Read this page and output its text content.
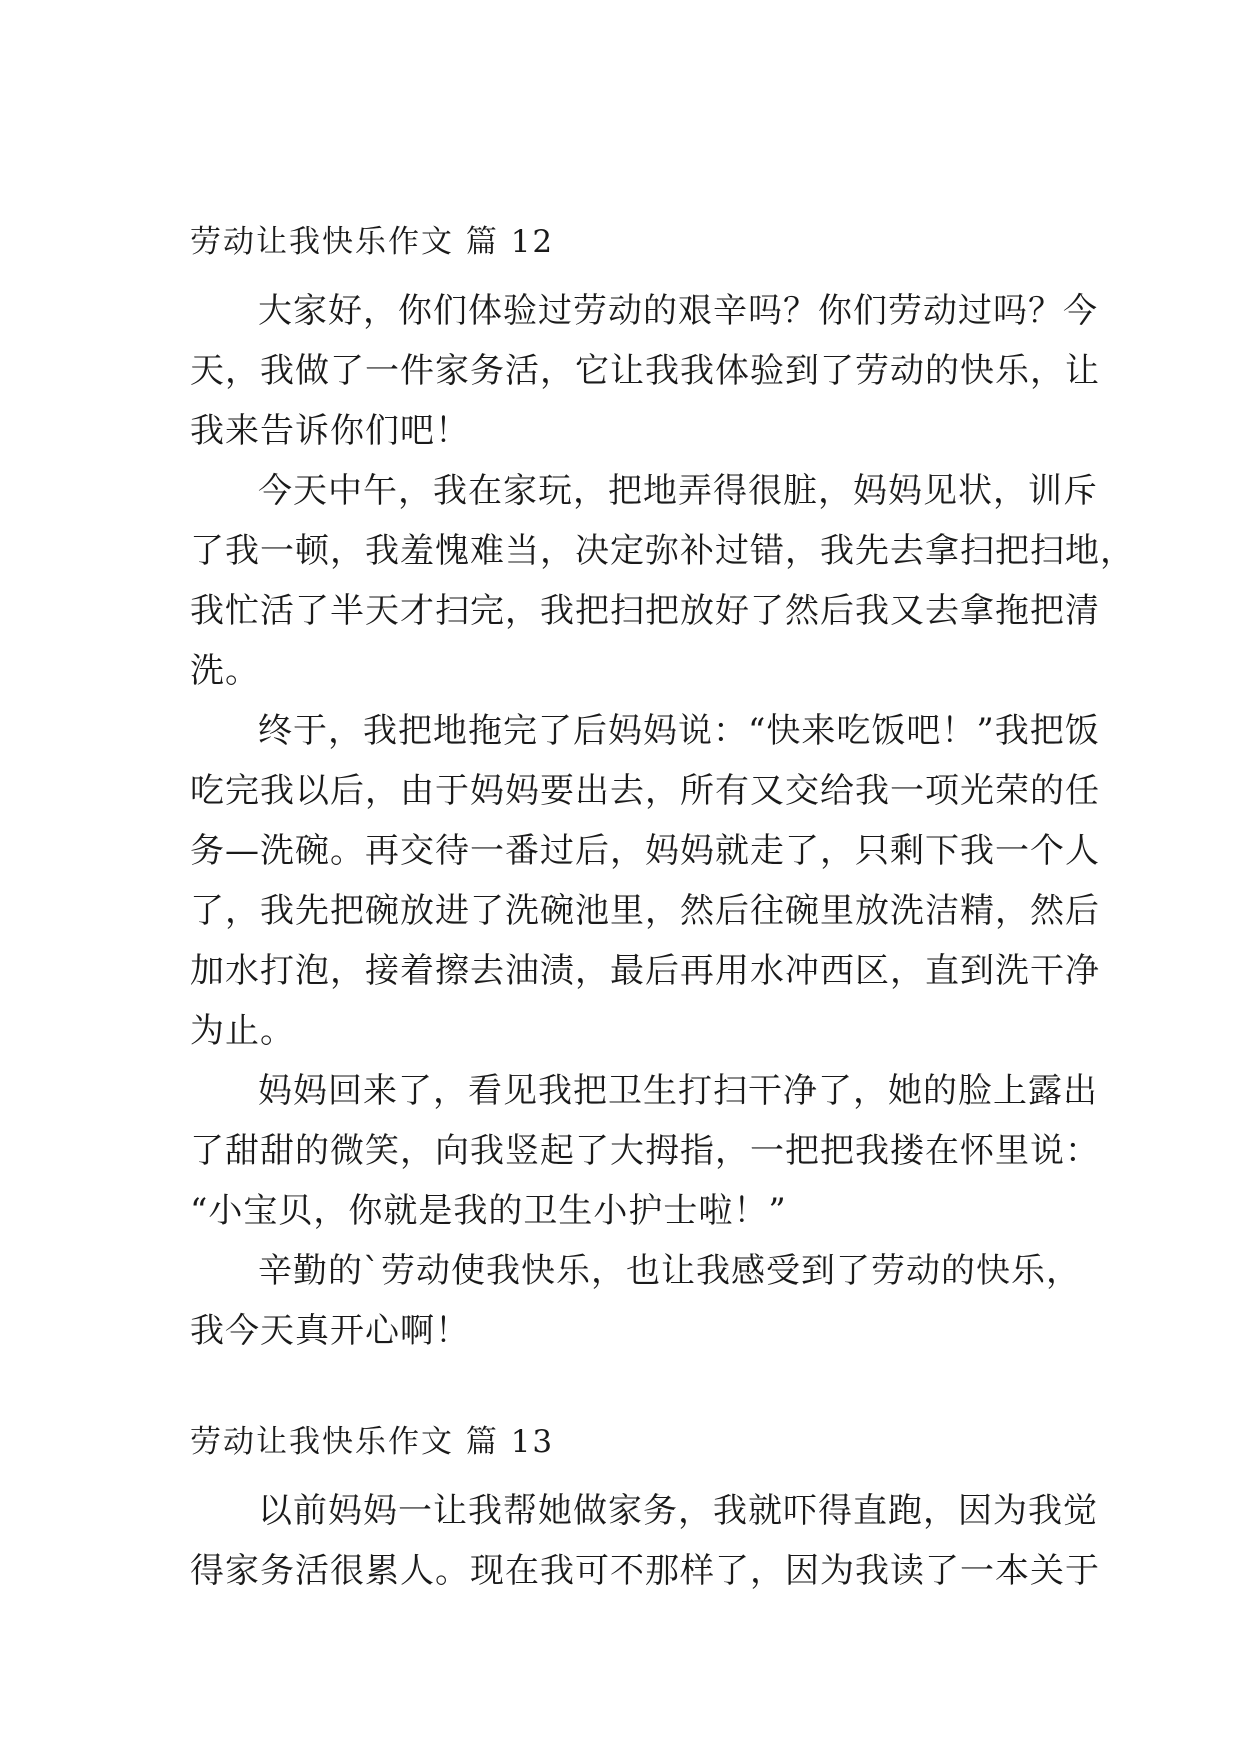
劳动让我快乐作文 篇 12

大家好，你们体验过劳动的艰辛吗？你们劳动过吗？今
天，我做了一件家务活，它让我我体验到了劳动的快乐，让
我来告诉你们吧！

今天中午，我在家玩，把地弄得很脏，妈妈见状，训斥
了我一顿，我羞愧难当，决定弥补过错，我先去拿扫把扫地，
我忙活了半天才扫完，我把扫把放好了然后我又去拿拖把清
洗。

终于，我把地拖完了后妈妈说：“快来吃饭吧！”我把饭
吃完我以后，由于妈妈要出去，所有又交给我一项光荣的任
务—洗碗。再交待一番过后，妈妈就走了，只剩下我一个人
了，我先把碗放进了洗碗池里，然后往碗里放洗洁精，然后
加水打泡，接着擦去油渍，最后再用水冲西区，直到洗干净
为止。

妈妈回来了，看见我把卫生打扫干净了，她的脸上露出
了甜甜的微笑，向我竖起了大拇指，一把把我搂在怀里说：
“小宝贝，你就是我的卫生小护士啦！”

辛勤的`劳动使我快乐，也让我感受到了劳动的快乐，
我今天真开心啊！

劳动让我快乐作文 篇 13

以前妈妈一让我帮她做家务，我就吓得直跑，因为我觉
得家务活很累人。现在我可不那样了，因为我读了一本关于
